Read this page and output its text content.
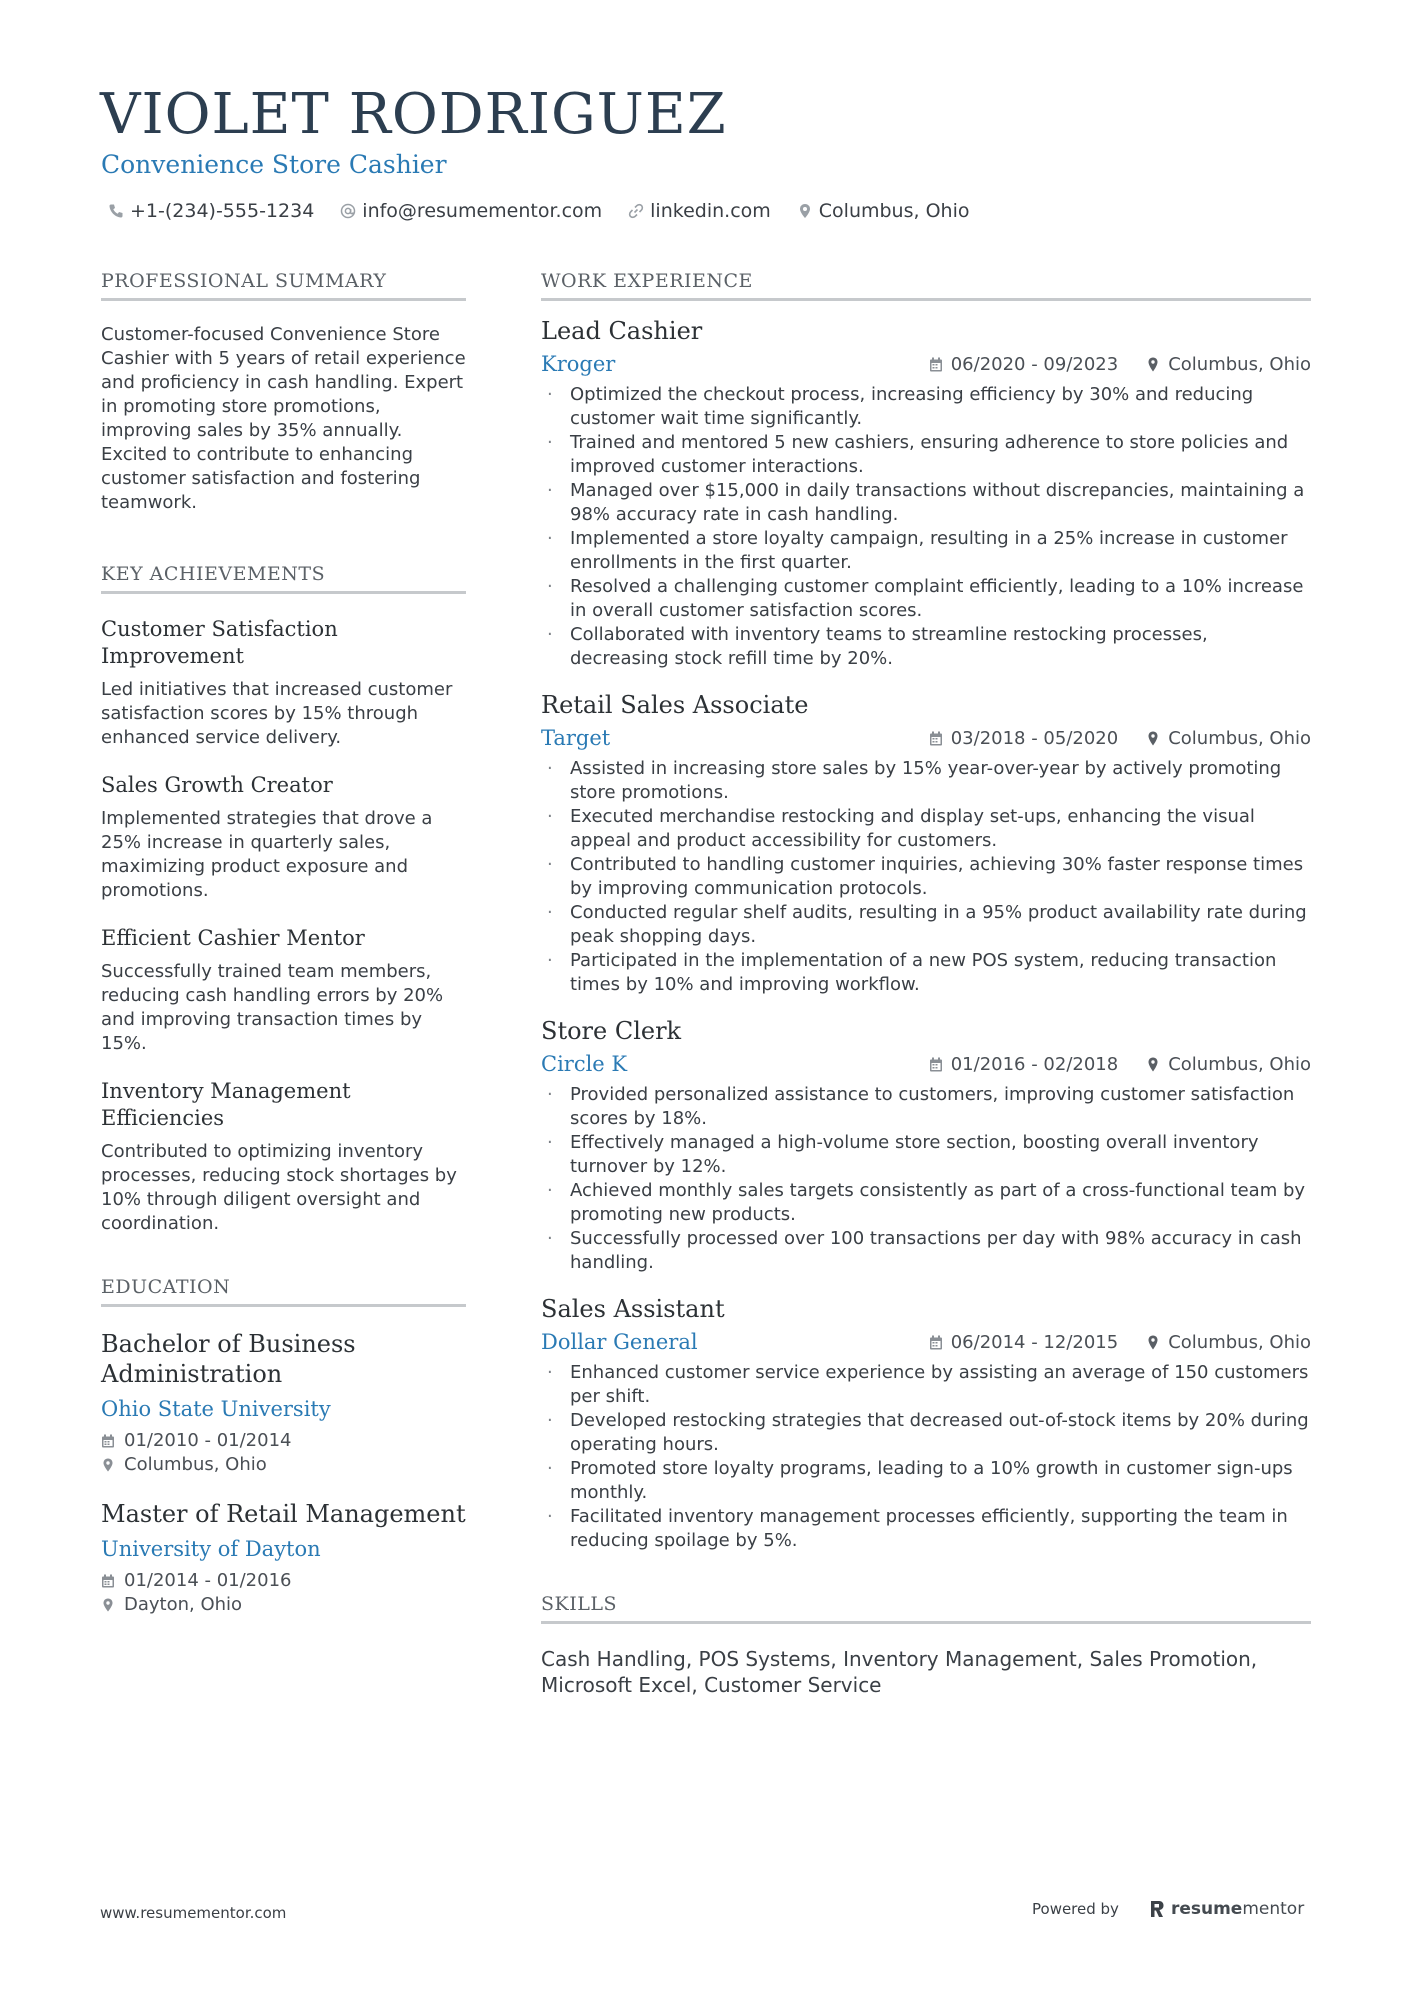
VIOLET RODRIGUEZ
Convenience Store Cashier
+1-(234)-555-1234	info@resumementor.com	linkedin.com	Columbus, Ohio
PROFESSIONAL SUMMARY
Customer-focused Convenience Store Cashier with 5 years of retail experience and proficiency in cash handling. Expert in promoting store promotions, improving sales by 35% annually. Excited to contribute to enhancing customer satisfaction and fostering teamwork.
KEY ACHIEVEMENTS
Customer Satisfaction Improvement
Led initiatives that increased customer satisfaction scores by 15% through enhanced service delivery.
Sales Growth Creator
Implemented strategies that drove a 25% increase in quarterly sales, maximizing product exposure and promotions.
Efficient Cashier Mentor
Successfully trained team members, reducing cash handling errors by 20% and improving transaction times by 15%.
Inventory Management Efficiencies
Contributed to optimizing inventory processes, reducing stock shortages by 10% through diligent oversight and coordination.
EDUCATION
Bachelor of Business Administration
Ohio State University
01/2010 - 01/2014
Columbus, Ohio
Master of Retail Management
University of Dayton
01/2014 - 01/2016
Dayton, Ohio
WORK EXPERIENCE
Lead Cashier
Kroger	06/2020 - 09/2023	Columbus, Ohio
· Optimized the checkout process, increasing efficiency by 30% and reducing customer wait time significantly.
· Trained and mentored 5 new cashiers, ensuring adherence to store policies and improved customer interactions.
· Managed over $15,000 in daily transactions without discrepancies, maintaining a 98% accuracy rate in cash handling.
· Implemented a store loyalty campaign, resulting in a 25% increase in customer enrollments in the first quarter.
· Resolved a challenging customer complaint efficiently, leading to a 10% increase in overall customer satisfaction scores.
· Collaborated with inventory teams to streamline restocking processes, decreasing stock refill time by 20%.
Retail Sales Associate
Target	03/2018 - 05/2020	Columbus, Ohio
· Assisted in increasing store sales by 15% year-over-year by actively promoting store promotions.
· Executed merchandise restocking and display set-ups, enhancing the visual appeal and product accessibility for customers.
· Contributed to handling customer inquiries, achieving 30% faster response times by improving communication protocols.
· Conducted regular shelf audits, resulting in a 95% product availability rate during peak shopping days.
· Participated in the implementation of a new POS system, reducing transaction times by 10% and improving workflow.
Store Clerk
Circle K	01/2016 - 02/2018	Columbus, Ohio
· Provided personalized assistance to customers, improving customer satisfaction scores by 18%.
· Effectively managed a high-volume store section, boosting overall inventory turnover by 12%.
· Achieved monthly sales targets consistently as part of a cross-functional team by promoting new products.
· Successfully processed over 100 transactions per day with 98% accuracy in cash handling.
Sales Assistant
Dollar General	06/2014 - 12/2015	Columbus, Ohio
· Enhanced customer service experience by assisting an average of 150 customers per shift.
· Developed restocking strategies that decreased out-of-stock items by 20% during operating hours.
· Promoted store loyalty programs, leading to a 10% growth in customer sign-ups monthly.
· Facilitated inventory management processes efficiently, supporting the team in reducing spoilage by 5%.
SKILLS
Cash Handling, POS Systems, Inventory Management, Sales Promotion, Microsoft Excel, Customer Service
www.resumementor.com	Powered by	resume mentor
